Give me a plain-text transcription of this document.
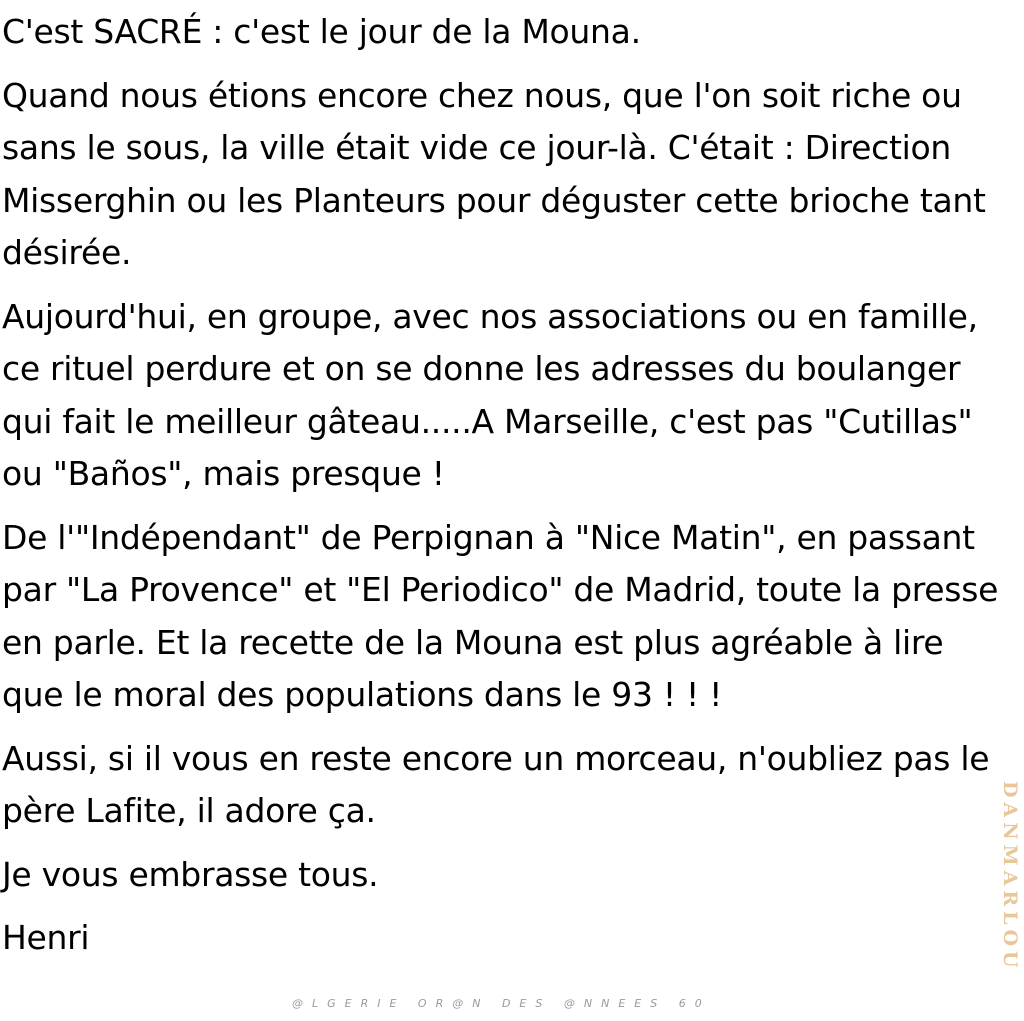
C'est SACRÉ : c'est le jour de la Mouna.

Quand nous étions encore chez nous, que l'on soit riche ou sans le sous, la ville était vide ce jour-là. C'était : Direction Misserghin ou les Planteurs pour déguster cette brioche tant désirée.

Aujourd'hui, en groupe, avec nos associations ou en famille, ce rituel perdure et on se donne les adresses du boulanger qui fait le meilleur gâteau.....A Marseille, c'est pas "Cutillas" ou "Baños", mais presque !

De l'"Indépendant" de Perpignan à "Nice Matin", en passant par "La Provence" et "El Periodico" de Madrid, toute la presse en parle. Et la recette de la Mouna est plus agréable à lire que le moral des populations dans le 93 ! ! !

Aussi, si il vous en reste encore un morceau, n'oubliez pas le père Lafite, il adore ça.

Je vous embrasse tous.

Henri	DANMARLOU
@LGERIE OR@N DES @NNEES 60
